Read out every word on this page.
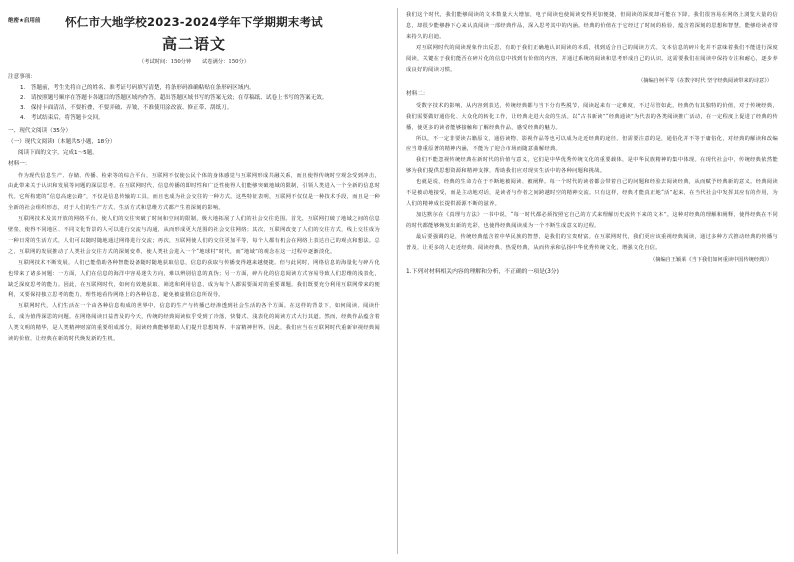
绝密★启用前	怀仁市大地学校2023-2024学年下学期期末考试
高二语文
（考试时间：150分钟　　试卷满分：150分）
注意事项：
1.　答题前，考生先将自己的姓名、准考证号码填写清楚，将条形码准确粘贴在条形码区域内。
2.　请按照题号顺序在答题卡各题目的答题区域内作答，超出答题区域书写的答案无效；在草稿纸、试卷上书写的答案无效。
3.　保持卡面清洁，不要折叠，不要弄破、弄皱，不准使用涂改液、修正带、刮纸刀。
4.　考试结束后，将答题卡交回。
一、现代文阅读（35分）
（一）现代文阅读Ⅰ（本题共5小题，18分）
阅读下面的文字，完成1～5题。
材料一：

作为现代信息生产、存储、传播、检索等的综合平台，互联网不仅使公民个体的身体感觉与互联网形成共融关系，而且使得传统时空观念受到冲击，由此带来关于认识和发展等问题的深层思考。在互联网时代，信息传播的即时性和广泛性使得人们能够突破地域的限制，引领人类进入一个全新的信息时代。它所构建的“信息高速公路”，不仅是信息传输的工具，而且也成为社会交往的一种方式。这些特征表明，互联网不仅仅是一种技术手段，而且是一种全新的社会组织形态，对于人们的生产方式、生活方式和思维方式都产生着深刻的影响。

互联网技术及其开放的网络平台，使人们的交往突破了时间和空间的限制，极大地拓展了人们的社会交往范围。首先，互联网打破了地域之间的信息壁垒，使得不同地区、不同文化背景的人可以进行交流与沟通，从而形成更大范围的社会交往网络；其次，互联网改变了人们的交往方式，线上交往成为一种日常的生活方式，人们可以随时随地通过网络进行交流；再次，互联网使人们的交往更加平等，每个人都有机会在网络上表达自己的观点和想法。总之，互联网的发展推动了人类社会交往方式的深刻变革，使人类社会进入一个“地球村”时代，而“地域”的观念在这一过程中逐渐淡化。

互联网技术不断发展，人们已能借助各种智能设备随时随地获取信息，信息的获取与传播变得越来越便捷。但与此同时，网络信息的海量化与碎片化也带来了诸多问题：一方面，人们在信息的海洋中容易迷失方向，难以辨别信息的真伪；另一方面，碎片化的信息阅读方式容易导致人们思维的浅表化，缺乏深度思考的能力。因此，在互联网时代，如何有效地获取、筛选和利用信息，成为每个人都需要面对的重要课题。我们既要充分利用互联网带来的便利，又要保持独立思考的能力，理性地看待网络上的各种信息，避免被虚假信息所误导。

互联网时代，人们生活在一个由各种信息构成的世界中，信息的生产与传播已经渗透到社会生活的各个方面。在这样的背景下，如何阅读、阅读什么，成为值得深思的问题。在网络阅读日益普及的今天，传统的经典阅读似乎受到了冷落，快餐式、浅表化的阅读方式大行其道。然而，经典作品蕴含着人类文明的精华，是人类精神财富的重要组成部分，阅读经典能够帮助人们提升思想境界、丰富精神世界。因此，我们应当在互联网时代重新审视经典阅读的价值，让经典在新的时代焕发新的生机。

我们这个时代，我们能够阅读的文本数量大大增加，电子阅读也使阅读变得更加便捷，但阅读的深度却可能在下降。我们很容易在网络上浏览大量的信息，却很少能够静下心来认真阅读一部经典作品，深入思考其中的内涵。经典的价值在于它经过了时间的检验，蕴含着深刻的思想和智慧，能够给读者带来持久的启迪。

对互联网时代的阅读现象作出反思，有助于我们正确地认识阅读的本质，找到适合自己的阅读方式。文本信息的碎片化并不意味着我们不能进行深度阅读，关键在于我们能否在碎片化的信息中找到有价值的内容，并通过系统的阅读和思考形成自己的认识。这需要我们在阅读中保持专注和耐心，逐步养成良好的阅读习惯。

（摘编自柯平等《在数字时代 坚守经典阅读带来的诗意》）
材料二：

受数字技术的影响，从内容到表达，传统经典都与当下分有些脱节，阅读起来有一定难度，不过尽管如此，经典仍有其独特的价值，对于传统经典，我们需要做好通俗化、大众化的转化工作，让经典走进大众的生活。以“古书新读”“经典通读”为代表的各类阅读推广活动，在一定程度上促进了经典的传播，使更多的读者能够接触和了解经典作品，感受经典的魅力。

所以，不一定非要读古籍原文，通俗读物、影视作品等也可以成为走近经典的途径。但需要注意的是，通俗化并不等于庸俗化，对经典的解读和改编应当尊重原著的精神内涵，不能为了迎合市场而随意曲解经典。

我们不能忽视传统经典在新时代的价值与意义，它们是中华优秀传统文化的重要载体，是中华民族精神的集中体现。在现代社会中，传统经典依然能够为我们提供思想资源和精神支撑，帮助我们应对现实生活中的各种问题和挑战。

也就是说，经典的生命力在于不断地被阅读、被阐释。每一个时代的读者都会带着自己的问题和经验去阅读经典，从而赋予经典新的意义。经典阅读不是被动地接受，而是主动地对话，是读者与作者之间跨越时空的精神交流。只有这样，经典才能真正地“活”起来，在当代社会中发挥其应有的作用，为人们的精神成长提供源源不断的滋养。

加达默尔在《真理与方法》一书中说，“每一时代都必须按照它自己的方式来理解历史流传下来的文本”。这种对经典的理解和阐释，使得经典在不同的时代都能够焕发出新的光彩，也使得经典阅读成为一个不断生成意义的过程。

最后要强调的是，传统经典蕴含着中华民族的智慧，是我们的宝贵财富。在互联网时代，我们更应该重视经典阅读，通过多种方式推动经典的传播与普及，让更多的人走近经典、阅读经典、热爱经典，从而传承和弘扬中华优秀传统文化，增强文化自信。

（摘编自王颖莱《当下我们如何重读中国传统经典》）
1.下列对材料相关内容的理解和分析，不正确的一项是(3分)
